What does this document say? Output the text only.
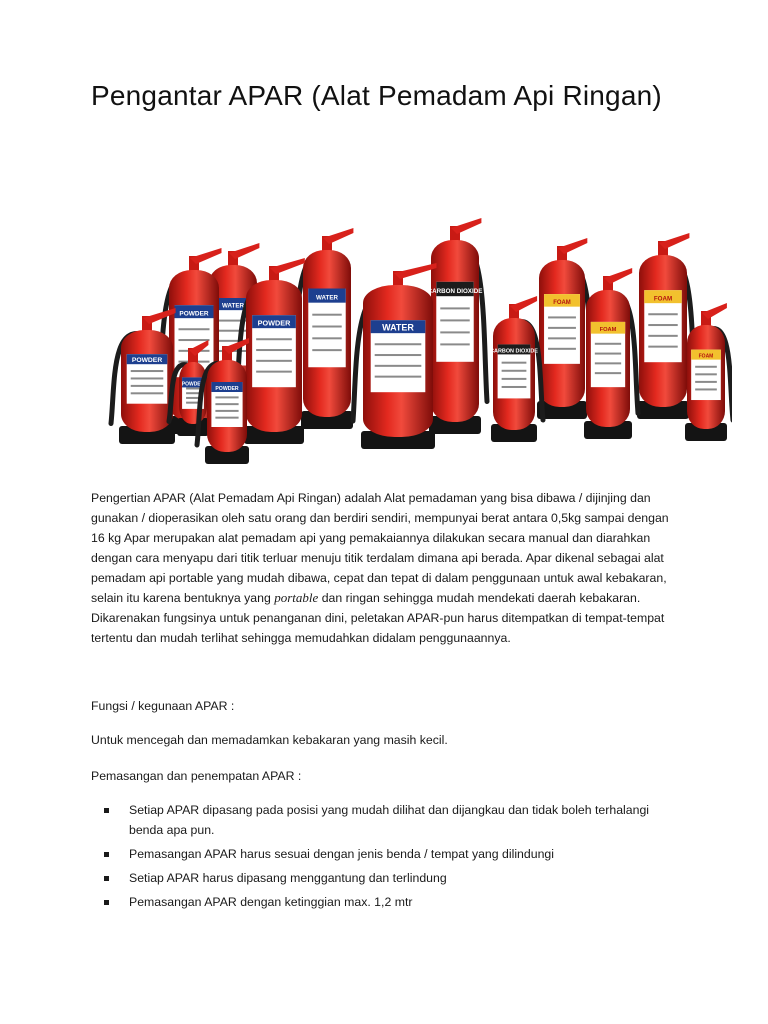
Pengantar APAR (Alat Pemadam Api Ringan)
WATER
WATER
CARBON DIOXIDE
FOAM
FOAM
POWDER
POWDER
POWDER
WATER	FOAM
CARBON DIOXIDE
POWDER
POWDER
FOAM

Pengertian APAR (Alat Pemadam Api Ringan) adalah Alat pemadaman yang bisa dibawa / dijinjing dan gunakan / dioperasikan oleh satu orang dan berdiri sendiri, mempunyai berat antara 0,5kg sampai dengan 16 kg Apar merupakan alat pemadam api yang pemakaiannya dilakukan secara manual dan diarahkan dengan cara menyapu dari titik terluar menuju titik terdalam dimana api berada. Apar dikenal sebagai alat pemadam api portable yang mudah dibawa, cepat dan tepat di dalam penggunaan untuk awal kebakaran, selain itu karena bentuknya yang portable dan ringan sehingga mudah mendekati daerah kebakaran. Dikarenakan fungsinya untuk penanganan dini, peletakan APAR-pun harus ditempatkan di tempat-tempat tertentu dan mudah terlihat sehingga memudahkan didalam penggunaannya.

Fungsi / kegunaan APAR :

Untuk mencegah dan memadamkan kebakaran yang masih kecil.

Pemasangan dan penempatan APAR :

Setiap APAR dipasang pada posisi yang mudah dilihat dan dijangkau dan tidak boleh terhalangi benda apa pun.
Pemasangan APAR harus sesuai dengan jenis benda / tempat yang dilindungi
Setiap APAR harus dipasang menggantung dan terlindung
Pemasangan APAR dengan ketinggian max. 1,2 mtr
